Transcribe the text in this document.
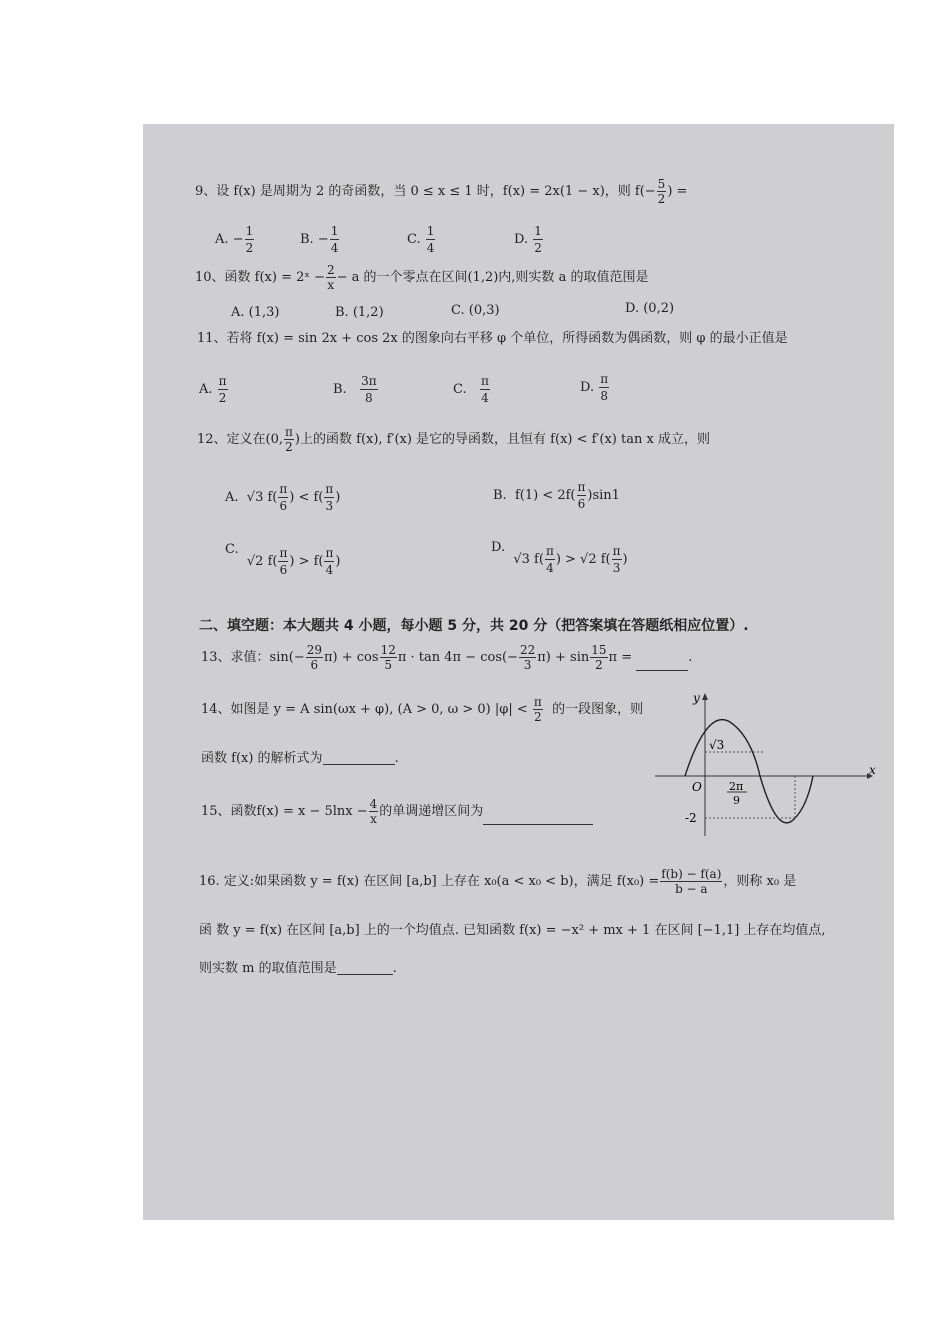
9、设 f(x) 是周期为 2 的奇函数，当 0 ≤ x ≤ 1 时，f(x) = 2x(1 − x)，则 $f(- \frac{5}{2}$ ) =
A. − $\frac{1}{2}$	B. − $\frac{1}{4}$	C. $\frac{1}{4}$	D. $\frac{1}{2}$
10、函数 f(x) = 2ˣ − $\frac{2}{x} - a$ 的一个零点在区间(1,2)内,则实数 a 的取值范围是
A. (1,3)	B. (1,2)	C. (0,3)	D. (0,2)
11、若将 f(x) = sin 2x + cos 2x 的图象向右平移 φ 个单位，所得函数为偶函数，则 φ 的最小正值是
A. $\frac{\pi}{2}$	B. $\frac{3\pi}{8}$	C. $\frac{\pi}{4}$	D. $\frac{\pi}{8}$
12、定义在(0, $\frac{\pi}{2}$ )上的函数 f(x), f′(x) 是它的导函数，且恒有 f(x) < f′(x) tan x 成立，则
A. √3 $f( \frac{\pi}{6}$ ) < $f( \frac{\pi}{3}$ )	B. $f(1) < 2f( \frac{\pi}{6} )\sin 1$
C.  √2 $f( \frac{\pi}{6}$ ) > $f( \frac{\pi}{4}$ )
D.  √3 $f( \frac{\pi}{4}$ ) > √2 $f( \frac{\pi}{3}$ )
二、填空题：本大题共 4 小题，每小题 5 分，共 20 分（把答案填在答题纸相应位置）.
13、求值：$\sin(- \frac{29}{6} \pi) + \cos \frac{12}{5}$ $\pi \cdot \tan 4\pi - \cos(- \frac{22}{3} \pi) + \sin \frac{15}{2}$ π =	.
14、如图是 y = A sin(ωx + φ), (A > 0, ω > 0) $|\varphi| < \frac{\pi}{2}$ 的一段图象，则
函数 f(x) 的解析式为	.
15、函数$f(x) = x - 5\ln x - \frac{4}{x}$ 的单调递增区间为
y
x
O
√3
2π
9
-2
16. 定义:如果函数 y = f(x) 在区间 [a,b] 上存在 x₀(a < x₀ < b)，满足 $f(x_0) = \frac{f(b) - f(a)}{b - a}$ ，则称 x₀ 是
函 数 y = f(x) 在区间 [a,b] 上的一个均值点. 已知函数 f(x) = −x² + mx + 1 在区间 [−1,1] 上存在均值点,
则实数 m 的取值范围是	.
